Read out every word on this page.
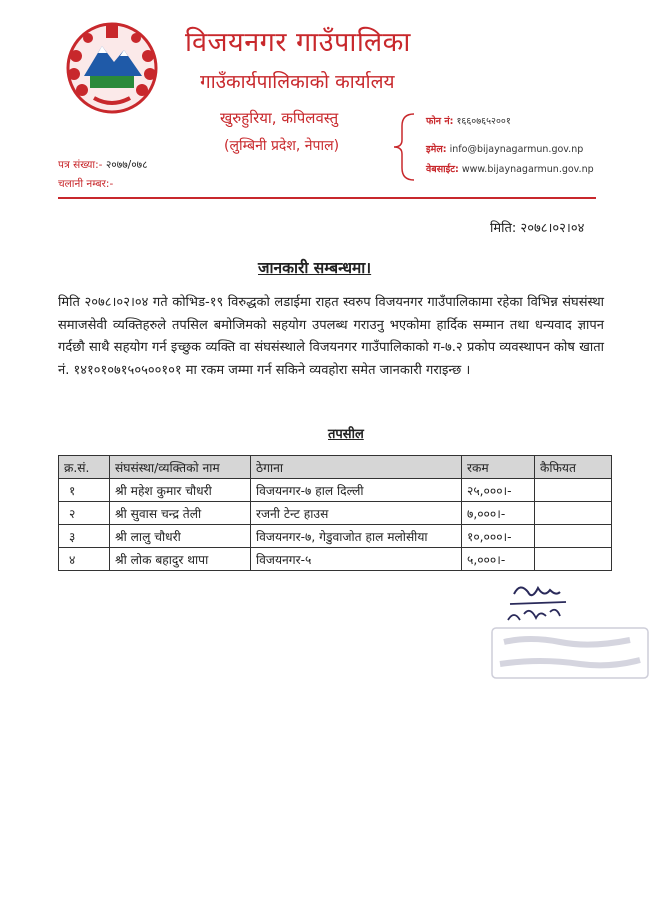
विजयनगर गाउँपालिका
गाउँकार्यपालिकाको कार्यालय
खुरुहुरिया, कपिलवस्तु
(लुम्बिनी प्रदेश, नेपाल)
फोन नं: १६६०७६५२००१
इमेल: info@bijaynagarmun.gov.np
वेबसाईट: www.bijaynagarmun.gov.np
पत्र संख्या:- २०७७/०७८
चलानी नम्बर:-
मिति: २०७८।०२।०४
जानकारी सम्बन्धमा।
मिति २०७८।०२।०४ गते कोभिड-१९ विरुद्धको लडाईमा राहत स्वरुप विजयनगर गाउँपालिकामा रहेका विभिन्न संघसंस्था समाजसेवी व्यक्तिहरुले तपसिल बमोजिमको सहयोग उपलब्ध गराउनु भएकोमा हार्दिक सम्मान तथा धन्यवाद ज्ञापन गर्दछौ साथै सहयोग गर्न इच्छुक व्यक्ति वा संघसंस्थाले विजयनगर गाउँपालिकाको ग-७.२ प्रकोप व्यवस्थापन कोष खाता नं. १४१०१०७१५०५००१०१ मा रकम जम्मा गर्न सकिने व्यवहोरा समेत जानकारी गराइन्छ ।
तपसील
क्र.सं.	संघसंस्था/व्यक्तिको नाम	ठेगाना	रकम	कैफियत
१	श्री महेश कुमार चौधरी	विजयनगर-७ हाल दिल्ली	२५,०००।-	
२	श्री सुवास चन्द्र तेली	रजनी टेन्ट हाउस	७,०००।-	
३	श्री लालु चौधरी	विजयनगर-७, गेडुवाजोत हाल मलोसीया	१०,०००।-	
४	श्री लोक बहादुर थापा	विजयनगर-५	५,०००।-	
